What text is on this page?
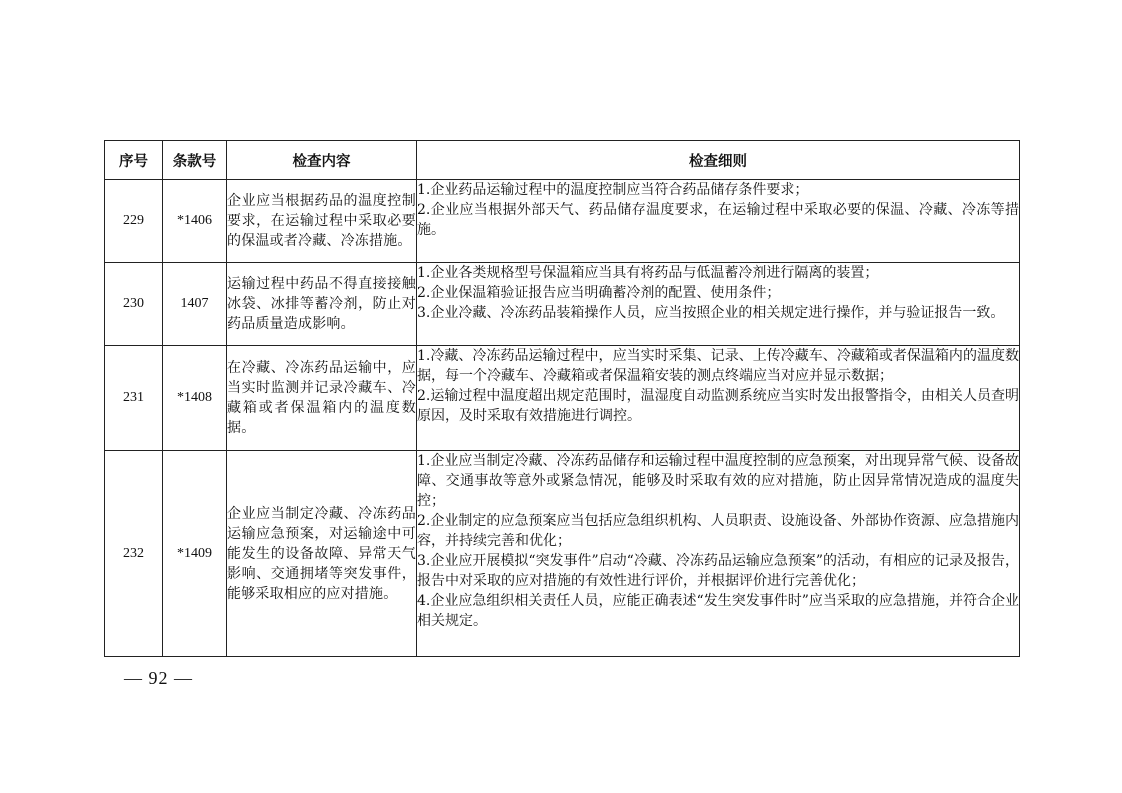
序号	条款号	检查内容	检查细则
229	*1406	企业应当根据药品的温度控制要求，在运输过程中采取必要的保温或者冷藏、冷冻措施。	1.企业药品运输过程中的温度控制应当符合药品储存条件要求；
2.企业应当根据外部天气、药品储存温度要求，在运输过程中采取必要的保温、冷藏、冷冻等措施。

230	1407	运输过程中药品不得直接接触冰袋、冰排等蓄冷剂，防止对药品质量造成影响。	1.企业各类规格型号保温箱应当具有将药品与低温蓄冷剂进行隔离的装置；
2.企业保温箱验证报告应当明确蓄冷剂的配置、使用条件；
3.企业冷藏、冷冻药品装箱操作人员，应当按照企业的相关规定进行操作，并与验证报告一致。

231	*1408	在冷藏、冷冻药品运输中，应当实时监测并记录冷藏车、冷藏箱或者保温箱内的温度数据。	1.冷藏、冷冻药品运输过程中，应当实时采集、记录、上传冷藏车、冷藏箱或者保温箱内的温度数据，每一个冷藏车、冷藏箱或者保温箱安装的测点终端应当对应并显示数据；
2.运输过程中温度超出规定范围时，温湿度自动监测系统应当实时发出报警指令，由相关人员查明原因，及时采取有效措施进行调控。

232	*1409	企业应当制定冷藏、冷冻药品运输应急预案，对运输途中可能发生的设备故障、异常天气影响、交通拥堵等突发事件，能够采取相应的应对措施。	1.企业应当制定冷藏、冷冻药品储存和运输过程中温度控制的应急预案，对出现异常气候、设备故障、交通事故等意外或紧急情况，能够及时采取有效的应对措施，防止因异常情况造成的温度失控；
2.企业制定的应急预案应当包括应急组织机构、人员职责、设施设备、外部协作资源、应急措施内容，并持续完善和优化；
3.企业应开展模拟“突发事件”启动“冷藏、冷冻药品运输应急预案”的活动，有相应的记录及报告，报告中对采取的应对措施的有效性进行评价，并根据评价进行完善优化；
4.企业应急组织相关责任人员，应能正确表述“发生突发事件时”应当采取的应急措施，并符合企业相关规定。
— 92 —
